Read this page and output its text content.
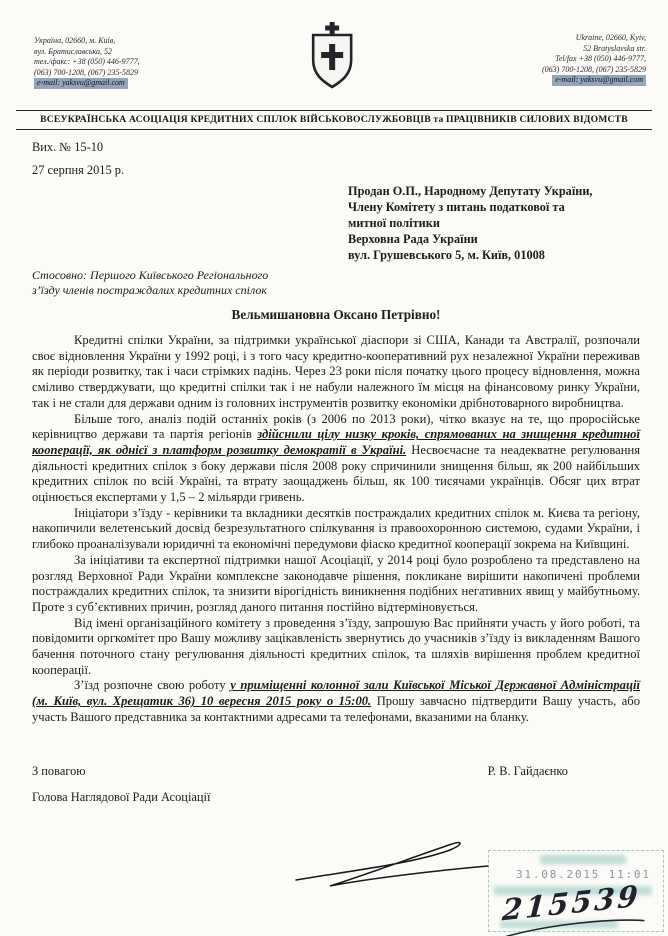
Україна, 02660, м. Київ,
вул. Братиславська, 52
тел./факс: +38 (050) 446-9777,
(063) 700-1208, (067) 235-5829
e-mail: yaksvu@gmail.com
Ukraine, 02660, Kyiv,
52 Bratyslavska str.
Tel/fax +38 (050) 446-9777,
(063) 700-1208, (067) 235-5829
e-mail: yaksvu@gmail.com
ВСЕУКРАЇНСЬКА АСОЦІАЦІЯ КРЕДИТНИХ СПІЛОК ВІЙСЬКОВОСЛУЖБОВЦІВ та ПРАЦІВНИКІВ СИЛОВИХ ВІДОМСТВ
Вих. № 15-10
27 серпня 2015 р.
Продан О.П., Народному Депутату України,
Члену Комітету з питань податкової та
митної політики
Верховна Рада України
вул. Грушевського 5, м. Київ, 01008
Стосовно: Першого Київського Регіонального
з’їзду членів постраждалих кредитних спілок
Вельмишановна Оксано Петрівно!

Кредитні спілки України, за підтримки української діаспори зі США, Канади та Австралії, розпочали своє відновлення України у 1992 році, і з того часу кредитно-кооперативний рух незалежної України переживав як періоди розвитку, так і часи стрімких падінь. Через 23 роки після початку цього процесу відновлення, можна сміливо стверджувати, що кредитні спілки так і не набули належного їм місця на фінансовому ринку України, так і не стали для держави одним із головних інструментів розвитку економіки дрібнотоварного виробництва.

Більше того, аналіз подій останніх років (з 2006 по 2013 роки), чітко вказує на те, що проросійське керівництво держави та партія регіонів здійснили цілу низку кроків, спрямованих на знищення кредитної кооперації, як однієї з платформ розвитку демократії в Україні. Несвоєчасне та неадекватне регулювання діяльності кредитних спілок з боку держави після 2008 року спричинили знищення більш, як 200 найбільших кредитних спілок по всій Україні, та втрату заощаджень більш, як 100 тисячами українців. Обсяг цих втрат оцінюється експертами у 1,5 – 2 мільярди гривень.

Ініціатори з’їзду - керівники та вкладники десятків постраждалих кредитних спілок м. Києва та регіону, накопичили велетенський досвід безрезультатного спілкування із правоохоронною системою, судами України, і глибоко проаналізували юридичні та економічні передумови фіаско кредитної кооперації зокрема на Київщині.

За ініціативи та експертної підтримки нашої Асоціації, у 2014 році було розроблено та представлено на розгляд Верховної Ради України комплексне законодавче рішення, покликане вирішити накопичені проблеми постраждалих кредитних спілок, та знизити вірогідність виникнення подібних негативних явищ у майбутньому. Проте з суб’єктивних причин, розгляд даного питання постійно відтерміновується.

Від імені організаційного комітету з проведення з’їзду, запрошую Вас прийняти участь у його роботі, та повідомити оргкомітет про Вашу можливу зацікавленість звернутись до учасників з’їзду із викладенням Вашого бачення поточного стану регулювання діяльності кредитних спілок, та шляхів вирішення проблем кредитної кооперації.

З’їзд розпочне свою роботу у приміщенні колонної зали Київської Міської Державної Адміністрації (м. Київ, вул. Хрещатик 36) 10 вересня 2015 року о 15:00. Прошу завчасно підтвердити Вашу участь, або участь Вашого представника за контактними адресами та телефонами, вказаними на бланку.

З повагою
Голова Наглядової Ради Асоціації
Р. В. Гайдаєнко
31.08.2015 11:01
215539
